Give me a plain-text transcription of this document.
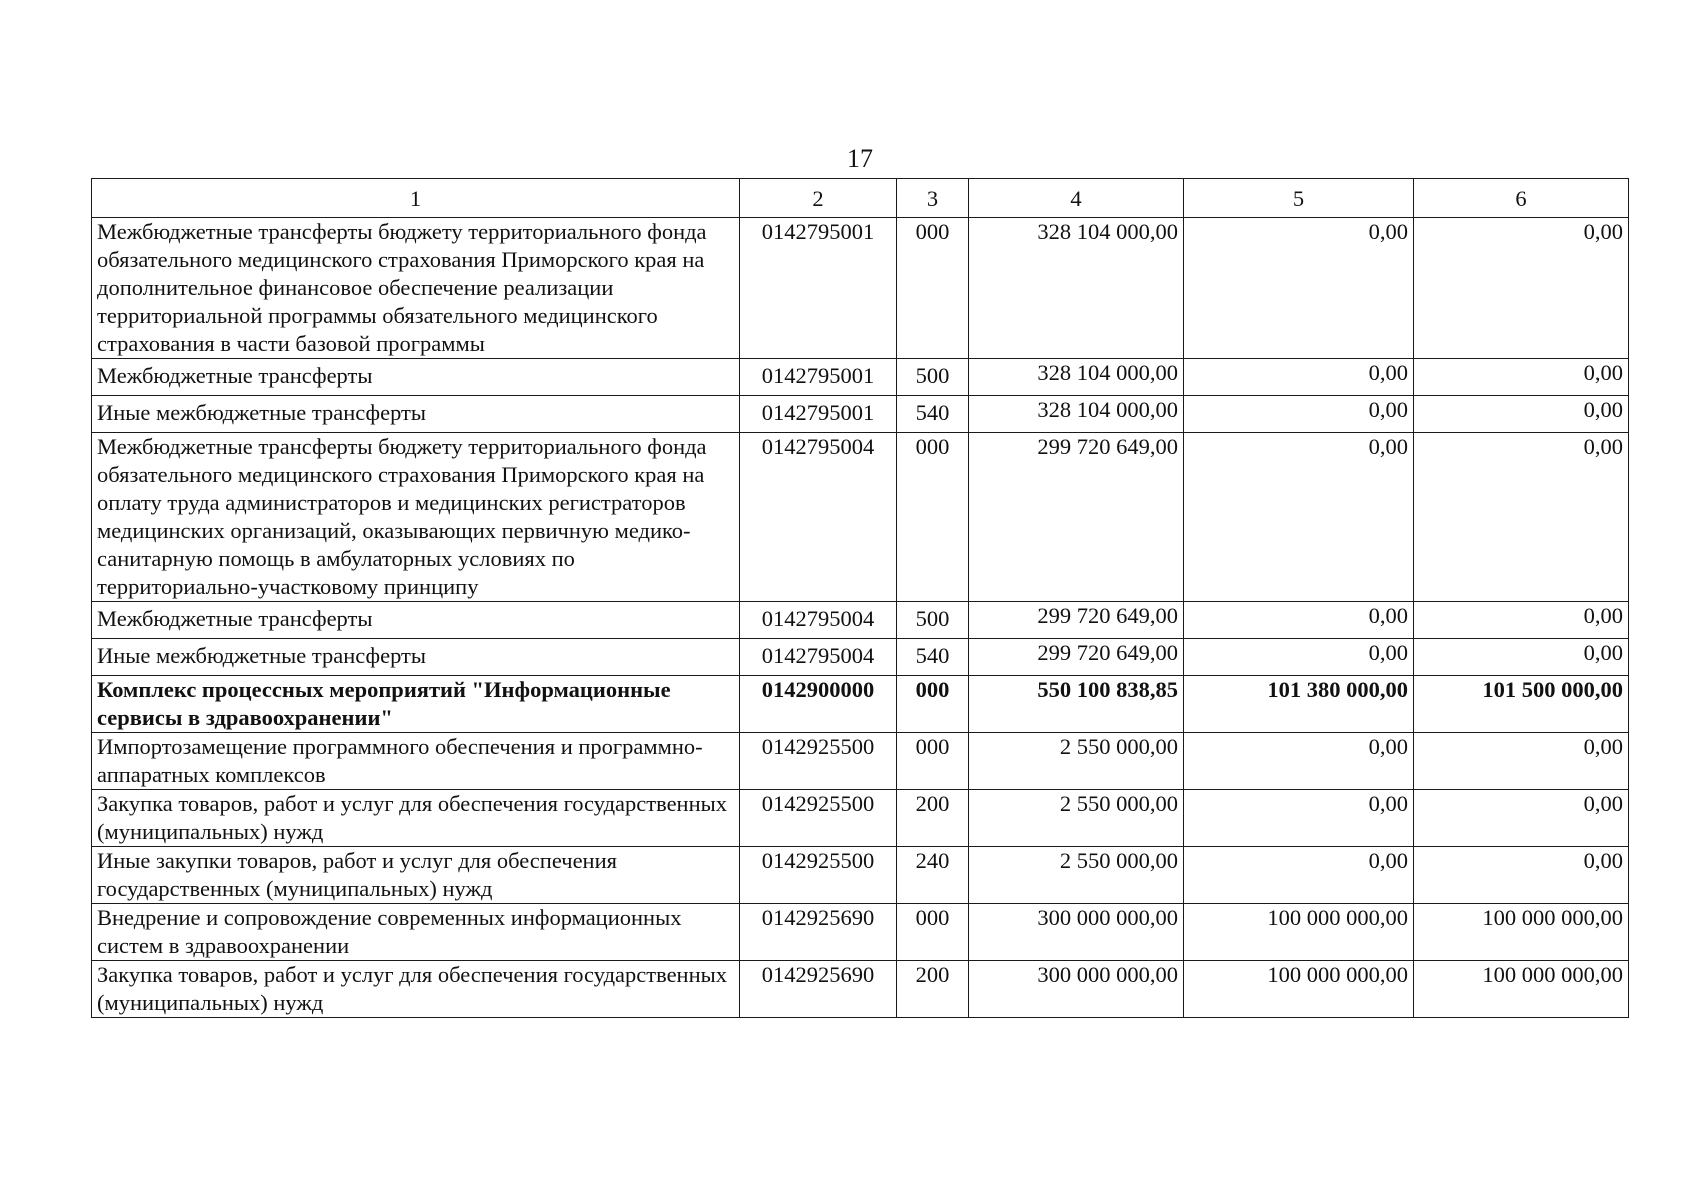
17
1	2	3	4	5	6
Межбюджетные трансферты бюджету территориального фонда обязательного медицинского страхования Приморского края на дополнительное финансовое обеспечение реализации территориальной программы обязательного медицинского страхования в части базовой программы	0142795001	000	328 104 000,00	0,00	0,00
Межбюджетные трансферты	0142795001	500	328 104 000,00	0,00	0,00
Иные межбюджетные трансферты	0142795001	540	328 104 000,00	0,00	0,00
Межбюджетные трансферты бюджету территориального фонда обязательного медицинского страхования Приморского края на оплату труда администраторов и медицинских регистраторов медицинских организаций, оказывающих первичную медико-санитарную помощь в амбулаторных условиях по территориально-участковому принципу	0142795004	000	299 720 649,00	0,00	0,00
Межбюджетные трансферты	0142795004	500	299 720 649,00	0,00	0,00
Иные межбюджетные трансферты	0142795004	540	299 720 649,00	0,00	0,00
Комплекс процессных мероприятий "Информационные сервисы в здравоохранении"	0142900000	000	550 100 838,85	101 380 000,00	101 500 000,00
Импортозамещение программного обеспечения и программно-аппаратных комплексов	0142925500	000	2 550 000,00	0,00	0,00
Закупка товаров, работ и услуг для обеспечения государственных (муниципальных) нужд	0142925500	200	2 550 000,00	0,00	0,00
Иные закупки товаров, работ и услуг для обеспечения государственных (муниципальных) нужд	0142925500	240	2 550 000,00	0,00	0,00
Внедрение и сопровождение современных информационных систем в здравоохранении	0142925690	000	300 000 000,00	100 000 000,00	100 000 000,00
Закупка товаров, работ и услуг для обеспечения государственных (муниципальных) нужд	0142925690	200	300 000 000,00	100 000 000,00	100 000 000,00
